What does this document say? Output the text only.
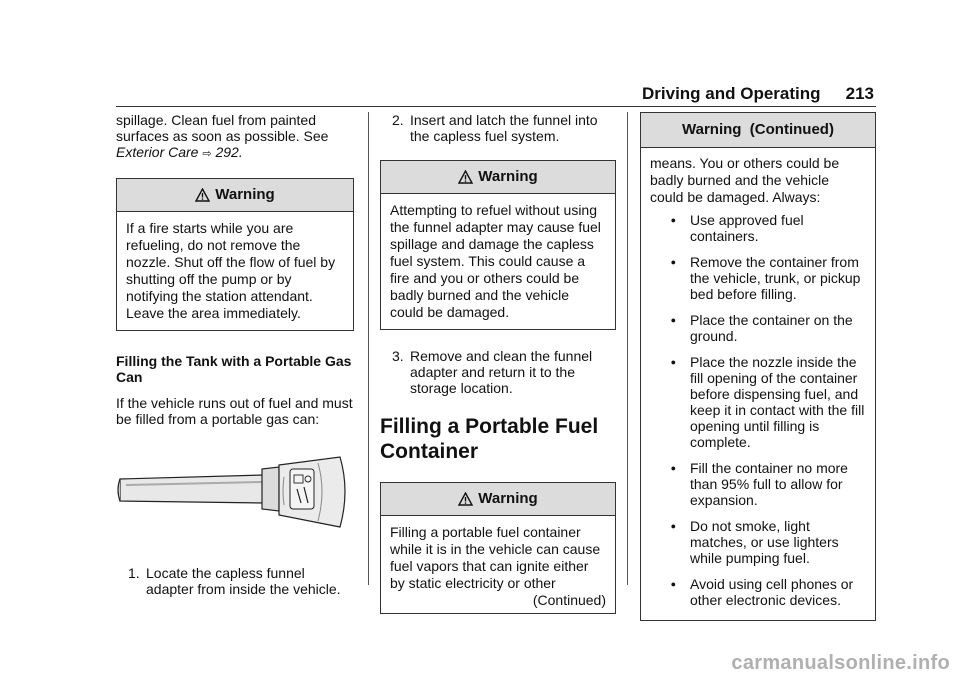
Driving and Operating 213

spillage. Clean fuel from painted surfaces as soon as possible. See
Exterior Care ⇨ 292.

Warning

If a fire starts while you are refueling, do not remove the nozzle. Shut off the flow of fuel by shutting off the pump or by notifying the station attendant. Leave the area immediately.

Filling the Tank with a Portable Gas Can

If the vehicle runs out of fuel and must be filled from a portable gas can:

1. Locate the capless funnel adapter from inside the vehicle.
2. Insert and latch the funnel into the capless fuel system.
Warning

Attempting to refuel without using the funnel adapter may cause fuel spillage and damage the capless fuel system. This could cause a fire and you or others could be badly burned and the vehicle could be damaged.

3. Remove and clean the funnel adapter and return it to the storage location.
Filling a Portable Fuel Container
Warning

Filling a portable fuel container while it is in the vehicle can cause fuel vapors that can ignite either by static electricity or other

(Continued)

Warning  (Continued)

means. You or others could be badly burned and the vehicle could be damaged. Always:

●	Use approved fuel containers.
●	Remove the container from the vehicle, trunk, or pickup bed before filling.
●	Place the container on the ground.
●	Place the nozzle inside the fill opening of the container before dispensing fuel, and keep it in contact with the fill opening until filling is complete.
●	Fill the container no more than 95% full to allow for expansion.
●	Do not smoke, light matches, or use lighters while pumping fuel.
●	Avoid using cell phones or other electronic devices.
carmanualsonline.info
